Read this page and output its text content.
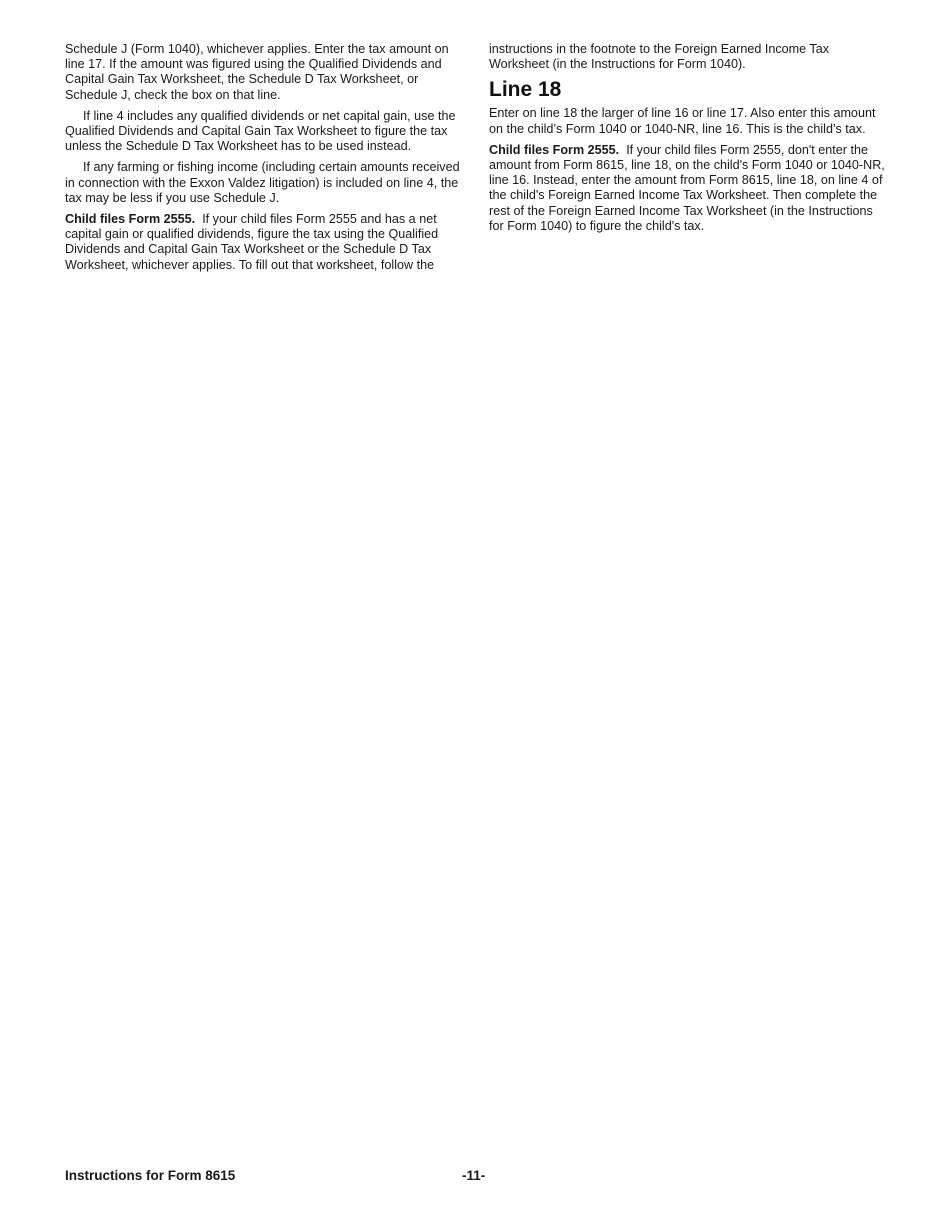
Schedule J (Form 1040), whichever applies. Enter the tax amount on line 17. If the amount was figured using the Qualified Dividends and Capital Gain Tax Worksheet, the Schedule D Tax Worksheet, or Schedule J, check the box on that line.

If line 4 includes any qualified dividends or net capital gain, use the Qualified Dividends and Capital Gain Tax Worksheet to figure the tax unless the Schedule D Tax Worksheet has to be used instead.

If any farming or fishing income (including certain amounts received in connection with the Exxon Valdez litigation) is included on line 4, the tax may be less if you use Schedule J.

Child files Form 2555. If your child files Form 2555 and has a net capital gain or qualified dividends, figure the tax using the Qualified Dividends and Capital Gain Tax Worksheet or the Schedule D Tax Worksheet, whichever applies. To fill out that worksheet, follow the

instructions in the footnote to the Foreign Earned Income Tax Worksheet (in the Instructions for Form 1040).

Line 18

Enter on line 18 the larger of line 16 or line 17. Also enter this amount on the child’s Form 1040 or 1040-NR, line 16. This is the child’s tax.

Child files Form 2555. If your child files Form 2555, don't enter the amount from Form 8615, line 18, on the child's Form 1040 or 1040-NR, line 16. Instead, enter the amount from Form 8615, line 18, on line 4 of the child's Foreign Earned Income Tax Worksheet. Then complete the rest of the Foreign Earned Income Tax Worksheet (in the Instructions for Form 1040) to figure the child's tax.

Instructions for Form 8615	-11-
